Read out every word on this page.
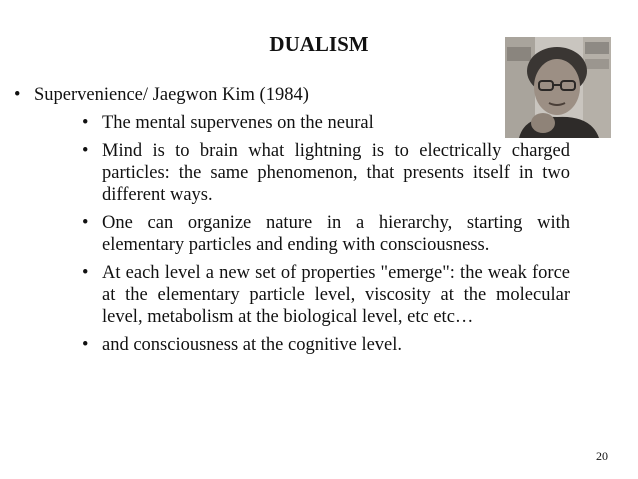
DUALISM
• Supervenience/ Jaegwon Kim (1984)
• The mental supervenes on the neural
• Mind is to brain what lightning is to electrically charged particles: the same phenomenon, that presents itself in two different ways.
• One can organize nature in a hierarchy, starting with elementary particles and ending with consciousness.
• At each level a new set of properties "emerge": the weak force at the elementary particle level, viscosity at the molecular level, metabolism at the biological level, etc etc…
• and consciousness at the cognitive level.
20
